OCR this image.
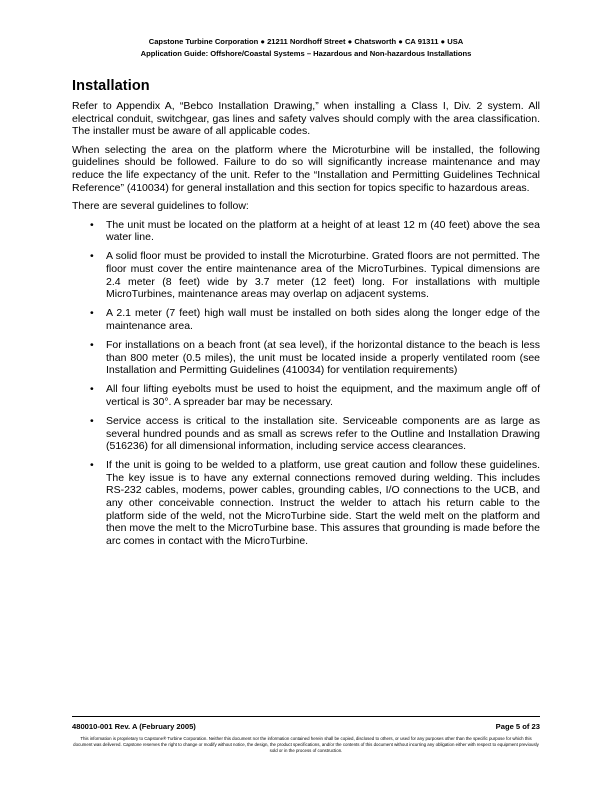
Capstone Turbine Corporation ● 21211 Nordhoff Street ● Chatsworth ● CA 91311 ● USA
Application Guide: Offshore/Coastal Systems – Hazardous and Non-hazardous Installations
Installation

Refer to Appendix A, “Bebco Installation Drawing,” when installing a Class I, Div. 2 system. All electrical conduit, switchgear, gas lines and safety valves should comply with the area classification. The installer must be aware of all applicable codes.

When selecting the area on the platform where the Microturbine will be installed, the following guidelines should be followed. Failure to do so will significantly increase maintenance and may reduce the life expectancy of the unit. Refer to the “Installation and Permitting Guidelines Technical Reference” (410034) for general installation and this section for topics specific to hazardous areas.

There are several guidelines to follow:

• The unit must be located on the platform at a height of at least 12 m (40 feet) above the sea water line.
• A solid floor must be provided to install the Microturbine. Grated floors are not permitted. The floor must cover the entire maintenance area of the MicroTurbines. Typical dimensions are 2.4 meter (8 feet) wide by 3.7 meter (12 feet) long. For installations with multiple MicroTurbines, maintenance areas may overlap on adjacent systems.
• A 2.1 meter (7 feet) high wall must be installed on both sides along the longer edge of the maintenance area.
• For installations on a beach front (at sea level), if the horizontal distance to the beach is less than 800 meter (0.5 miles), the unit must be located inside a properly ventilated room (see Installation and Permitting Guidelines (410034) for ventilation requirements)
• All four lifting eyebolts must be used to hoist the equipment, and the maximum angle off of vertical is 30°. A spreader bar may be necessary.
• Service access is critical to the installation site. Serviceable components are as large as several hundred pounds and as small as screws refer to the Outline and Installation Drawing (516236) for all dimensional information, including service access clearances.
• If the unit is going to be welded to a platform, use great caution and follow these guidelines. The key issue is to have any external connections removed during welding. This includes RS-232 cables, modems, power cables, grounding cables, I/O connections to the UCB, and any other conceivable connection. Instruct the welder to attach his return cable to the platform side of the weld, not the MicroTurbine side. Start the weld melt on the platform and then move the melt to the MicroTurbine base. This assures that grounding is made before the arc comes in contact with the MicroTurbine.
480010-001 Rev. A (February 2005)	Page 5 of 23
This information is proprietary to Capstone® Turbine Corporation. Neither this document nor the information contained herein shall be copied, disclosed to others, or used for any purposes other than the specific purpose for which this document was delivered. Capstone reserves the right to change or modify without notice, the design, the product specifications, and/or the contents of this document without incurring any obligation either with respect to equipment previously sold or in the process of construction.
